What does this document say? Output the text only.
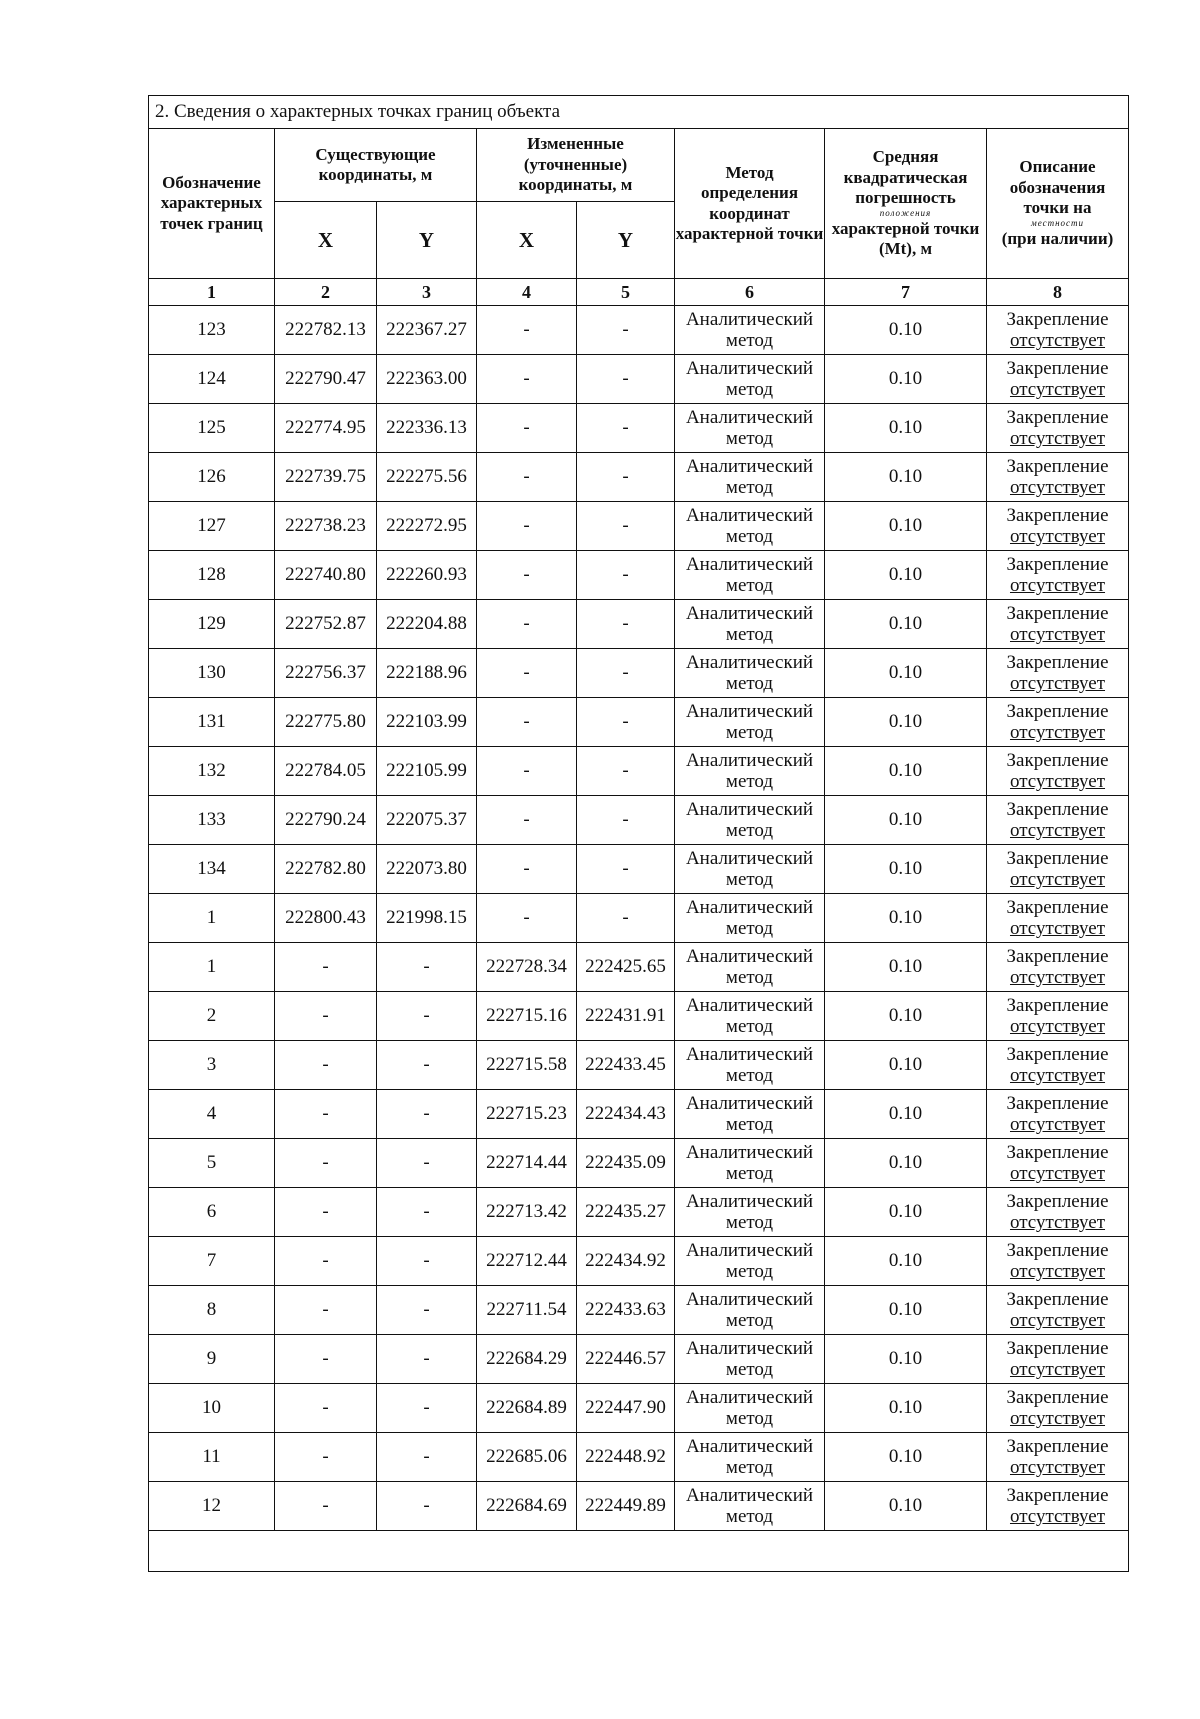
2. Сведения о характерных точках границ объекта							
Обозначение характерных точек границ	Существующие координаты, м		Измененные (уточненные) координаты, м		Метод определения координат характерной точки	Средняя квадратическая погрешность
положения
характерной точки (Mt), м	Описание обозначения точки на
местности
(при наличии)

	X	Y	X	Y			
1	2	3	4	5	6	7	8
123	222782.13	222367.27	-	-	Аналитический
метод	0.10	Закрепление
отсутствует

124	222790.47	222363.00	-	-	Аналитический
метод	0.10	Закрепление
отсутствует

125	222774.95	222336.13	-	-	Аналитический
метод	0.10	Закрепление
отсутствует

126	222739.75	222275.56	-	-	Аналитический
метод	0.10	Закрепление
отсутствует

127	222738.23	222272.95	-	-	Аналитический
метод	0.10	Закрепление
отсутствует

128	222740.80	222260.93	-	-	Аналитический
метод	0.10	Закрепление
отсутствует

129	222752.87	222204.88	-	-	Аналитический
метод	0.10	Закрепление
отсутствует

130	222756.37	222188.96	-	-	Аналитический
метод	0.10	Закрепление
отсутствует

131	222775.80	222103.99	-	-	Аналитический
метод	0.10	Закрепление
отсутствует

132	222784.05	222105.99	-	-	Аналитический
метод	0.10	Закрепление
отсутствует

133	222790.24	222075.37	-	-	Аналитический
метод	0.10	Закрепление
отсутствует

134	222782.80	222073.80	-	-	Аналитический
метод	0.10	Закрепление
отсутствует

1	222800.43	221998.15	-	-	Аналитический
метод	0.10	Закрепление
отсутствует

1	-	-	222728.34	222425.65	Аналитический
метод	0.10	Закрепление
отсутствует

2	-	-	222715.16	222431.91	Аналитический
метод	0.10	Закрепление
отсутствует

3	-	-	222715.58	222433.45	Аналитический
метод	0.10	Закрепление
отсутствует

4	-	-	222715.23	222434.43	Аналитический
метод	0.10	Закрепление
отсутствует

5	-	-	222714.44	222435.09	Аналитический
метод	0.10	Закрепление
отсутствует

6	-	-	222713.42	222435.27	Аналитический
метод	0.10	Закрепление
отсутствует

7	-	-	222712.44	222434.92	Аналитический
метод	0.10	Закрепление
отсутствует

8	-	-	222711.54	222433.63	Аналитический
метод	0.10	Закрепление
отсутствует

9	-	-	222684.29	222446.57	Аналитический
метод	0.10	Закрепление
отсутствует

10	-	-	222684.89	222447.90	Аналитический
метод	0.10	Закрепление
отсутствует

11	-	-	222685.06	222448.92	Аналитический
метод	0.10	Закрепление
отсутствует

12	-	-	222684.69	222449.89	Аналитический
метод	0.10	Закрепление
отсутствует
